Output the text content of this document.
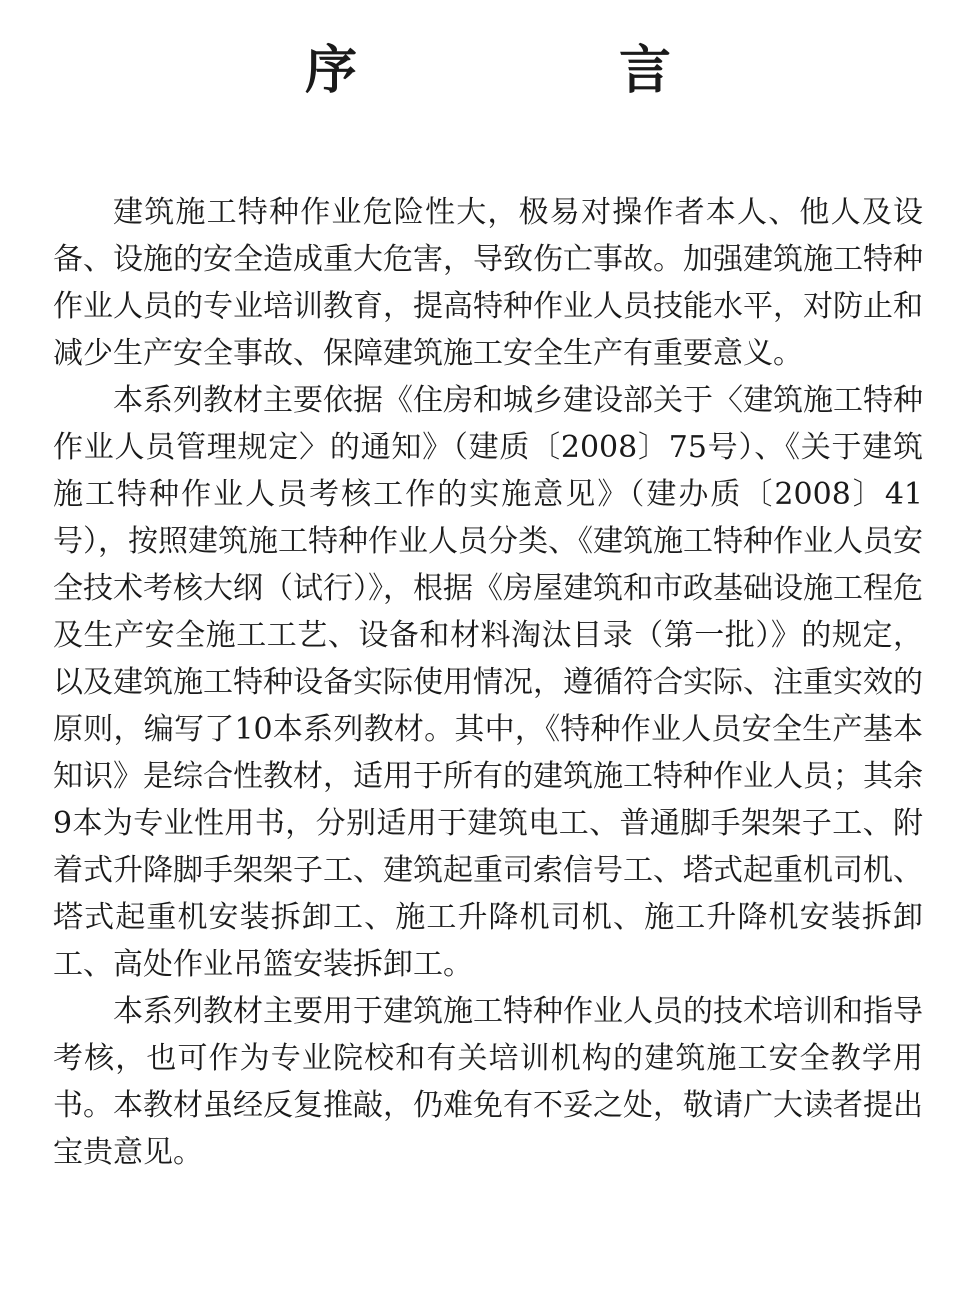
序　言

建筑施工特种作业危险性大，极易对操作者本人、他人及设备、设施的安全造成重大危害，导致伤亡事故。加强建筑施工特种作业人员的专业培训教育，提高特种作业人员技能水平，对防止和减少生产安全事故、保障建筑施工安全生产有重要意义。

本系列教材主要依据《住房和城乡建设部关于〈建筑施工特种作业人员管理规定〉的通知》（建质〔2008〕75号）、《关于建筑施工特种作业人员考核工作的实施意见》（建办质〔2008〕41号），按照建筑施工特种作业人员分类、《建筑施工特种作业人员安全技术考核大纲（试行）》，根据《房屋建筑和市政基础设施工程危及生产安全施工工艺、设备和材料淘汰目录（第一批）》的规定，以及建筑施工特种设备实际使用情况，遵循符合实际、注重实效的原则，编写了10本系列教材。其中，《特种作业人员安全生产基本知识》是综合性教材，适用于所有的建筑施工特种作业人员；其余9本为专业性用书，分别适用于建筑电工、普通脚手架架子工、附着式升降脚手架架子工、建筑起重司索信号工、塔式起重机司机、塔式起重机安装拆卸工、施工升降机司机、施工升降机安装拆卸工、高处作业吊篮安装拆卸工。

本系列教材主要用于建筑施工特种作业人员的技术培训和指导考核，也可作为专业院校和有关培训机构的建筑施工安全教学用书。本教材虽经反复推敲，仍难免有不妥之处，敬请广大读者提出宝贵意见。
